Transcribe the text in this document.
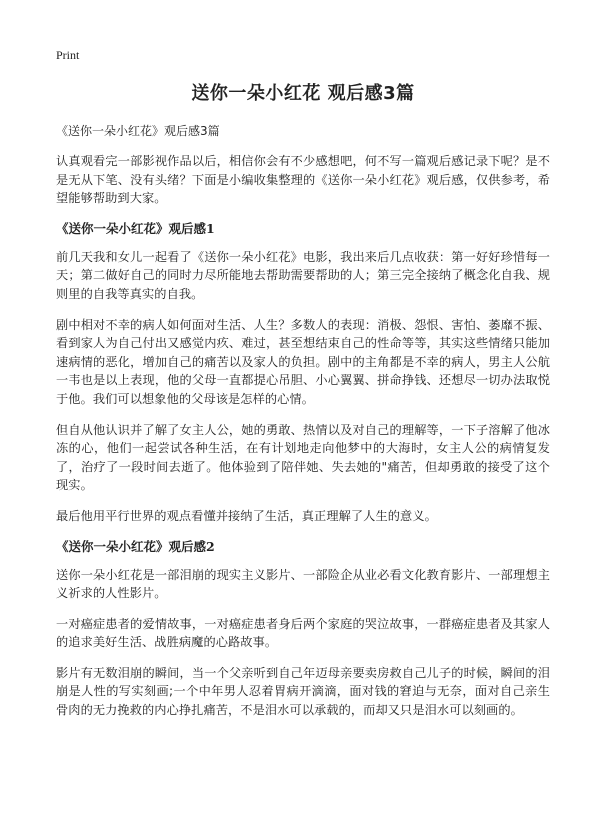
Print
送你一朵小红花 观后感3篇
《送你一朵小红花》观后感3篇

认真观看完一部影视作品以后，相信你会有不少感想吧，何不写一篇观后感记录下呢？是不是无从下笔、没有头绪？下面是小编收集整理的《送你一朵小红花》观后感，仅供参考，希望能够帮助到大家。

《送你一朵小红花》观后感1

前几天我和女儿一起看了《送你一朵小红花》电影，我出来后几点收获：第一好好珍惜每一天；第二做好自己的同时力尽所能地去帮助需要帮助的人；第三完全接纳了概念化自我、规则里的自我等真实的自我。

剧中相对不幸的病人如何面对生活、人生？多数人的表现：消极、怨恨、害怕、萎靡不振、看到家人为自己付出又感觉内疚、难过，甚至想结束自己的性命等等，其实这些情绪只能加速病情的恶化，增加自己的痛苦以及家人的负担。剧中的主角都是不幸的病人，男主人公航一韦也是以上表现，他的父母一直都提心吊胆、小心翼翼、拼命挣钱、还想尽一切办法取悦于他。我们可以想象他的父母该是怎样的心情。

但自从他认识并了解了女主人公，她的勇敢、热情以及对自己的理解等，一下子溶解了他冰冻的心，他们一起尝试各种生活，在有计划地走向他梦中的大海时，女主人公的病情复发了，治疗了一段时间去逝了。他体验到了陪伴她、失去她的"痛苦，但却勇敢的接受了这个现实。

最后他用平行世界的观点看懂并接纳了生活，真正理解了人生的意义。

《送你一朵小红花》观后感2

送你一朵小红花是一部泪崩的现实主义影片、一部险企从业必看文化教育影片、一部理想主义祈求的人性影片。

一对癌症患者的爱情故事，一对癌症患者身后两个家庭的哭泣故事，一群癌症患者及其家人的追求美好生活、战胜病魔的心路故事。

影片有无数泪崩的瞬间，当一个父亲听到自己年迈母亲要卖房救自己儿子的时候，瞬间的泪崩是人性的写实刻画;一个中年男人忍着胃病开滴滴，面对钱的窘迫与无奈，面对自己亲生骨肉的无力挽救的内心挣扎痛苦，不是泪水可以承载的，而却又只是泪水可以刻画的。
